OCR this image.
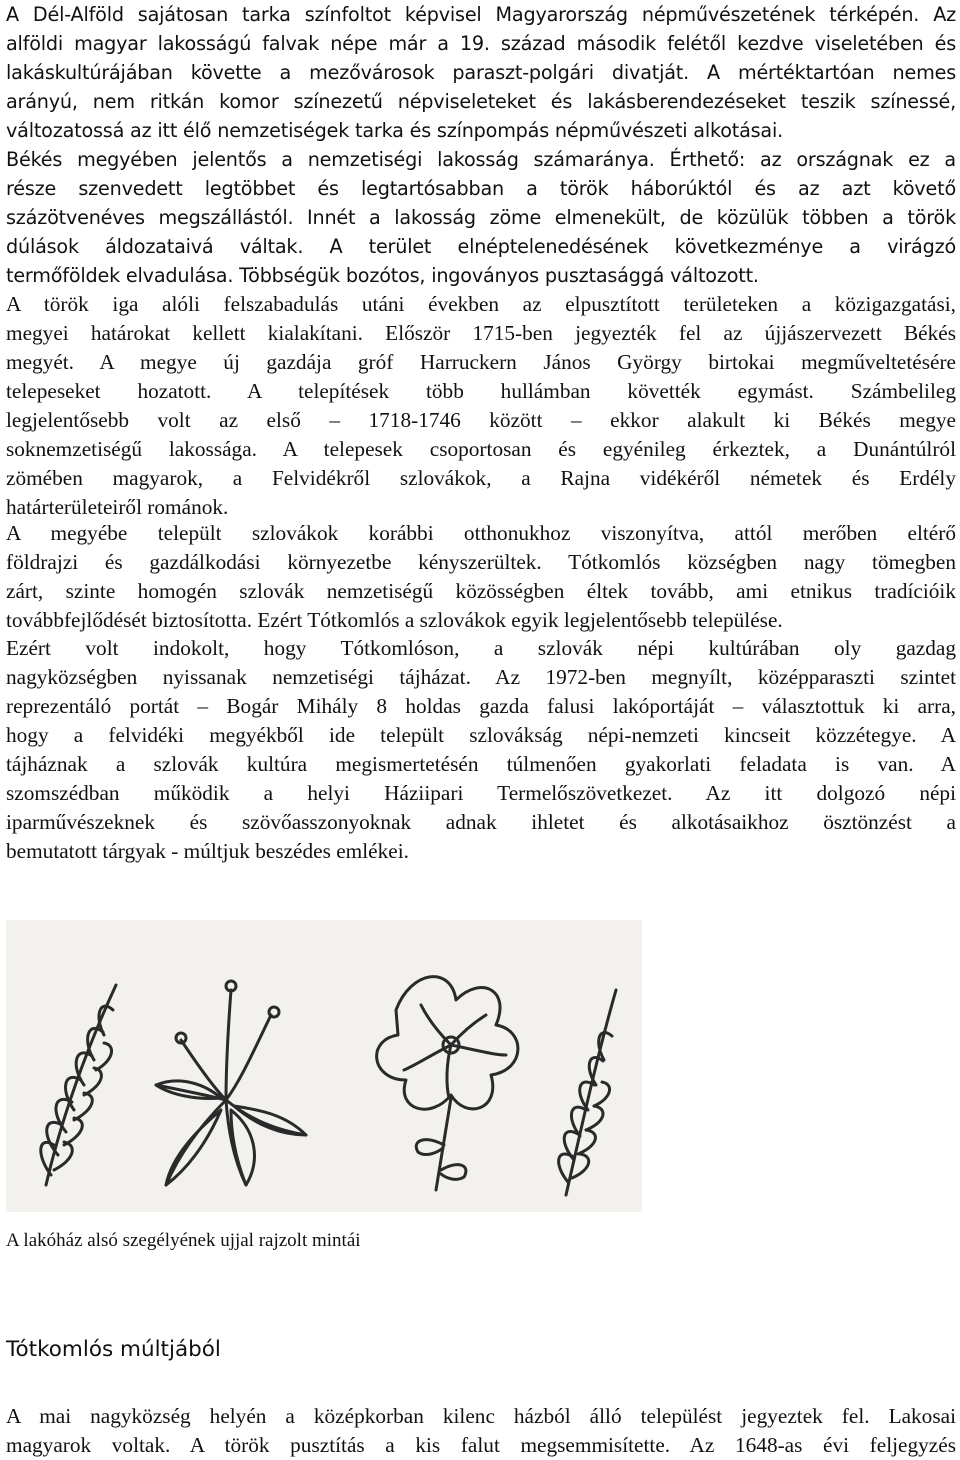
A Dél-Alföld sajátosan tarka színfoltot képvisel Magyarország népművészetének térképén. Az
alföldi magyar lakosságú falvak népe már a 19. század második felétől kezdve viseletében és
lakáskultúrájában követte a mezővárosok paraszt-polgári divatját. A mértéktartóan nemes
arányú, nem ritkán komor színezetű népviseleteket és lakásberendezéseket teszik színessé,
változatossá az itt élő nemzetiségek tarka és színpompás népművészeti alkotásai.
Békés megyében jelentős a nemzetiségi lakosság számaránya. Érthető: az országnak ez a
része szenvedett legtöbbet és legtartósabban a török háborúktól és az azt követő
százötvenéves megszállástól. Innét a lakosság zöme elmenekült, de közülük többen a török
dúlások áldozataivá váltak. A terület elnéptelenedésének következménye a virágzó
termőföldek elvadulása. Többségük bozótos, ingoványos pusztasággá változott.
A török iga alóli felszabadulás utáni években az elpusztított területeken a közigazgatási,
megyei határokat kellett kialakítani. Először 1715-ben jegyezték fel az újjászervezett Békés
megyét. A megye új gazdája gróf Harruckern János György birtokai megműveltetésére
telepeseket hozatott. A telepítések több hullámban követték egymást. Számbelileg
legjelentősebb volt az első – 1718-1746 között – ekkor alakult ki Békés megye
soknemzetiségű lakossága. A telepesek csoportosan és egyénileg érkeztek, a Dunántúlról
zömében magyarok, a Felvidékről szlovákok, a Rajna vidékéről németek és Erdély
határterületeiről románok.
A megyébe települt szlovákok korábbi otthonukhoz viszonyítva, attól merőben eltérő
földrajzi és gazdálkodási környezetbe kényszerültek. Tótkomlós községben nagy tömegben
zárt, szinte homogén szlovák nemzetiségű közösségben éltek tovább, ami etnikus tradícióik
továbbfejlődését biztosította. Ezért Tótkomlós a szlovákok egyik legjelentősebb települése.
Ezért volt indokolt, hogy Tótkomlóson, a szlovák népi kultúrában oly gazdag
nagyközségben nyissanak nemzetiségi tájházat. Az 1972-ben megnyílt, középparaszti szintet
reprezentáló portát – Bogár Mihály 8 holdas gazda falusi lakóportáját – választottuk ki arra,
hogy a felvidéki megyékből ide települt szlovákság népi-nemzeti kincseit közzétegye. A
tájháznak a szlovák kultúra megismertetésén túlmenően gyakorlati feladata is van. A
szomszédban működik a helyi Háziipari Termelőszövetkezet. Az itt dolgozó népi
iparművészeknek és szövőasszonyoknak adnak ihletet és alkotásaikhoz ösztönzést a
bemutatott tárgyak - múltjuk beszédes emlékei.
A lakóház alsó szegélyének ujjal rajzolt mintái
Tótkomlós múltjából
A mai nagyközség helyén a középkorban kilenc házból álló települést jegyeztek fel. Lakosai
magyarok voltak. A török pusztítás a kis falut megsemmisítette. Az 1648-as évi feljegyzés
